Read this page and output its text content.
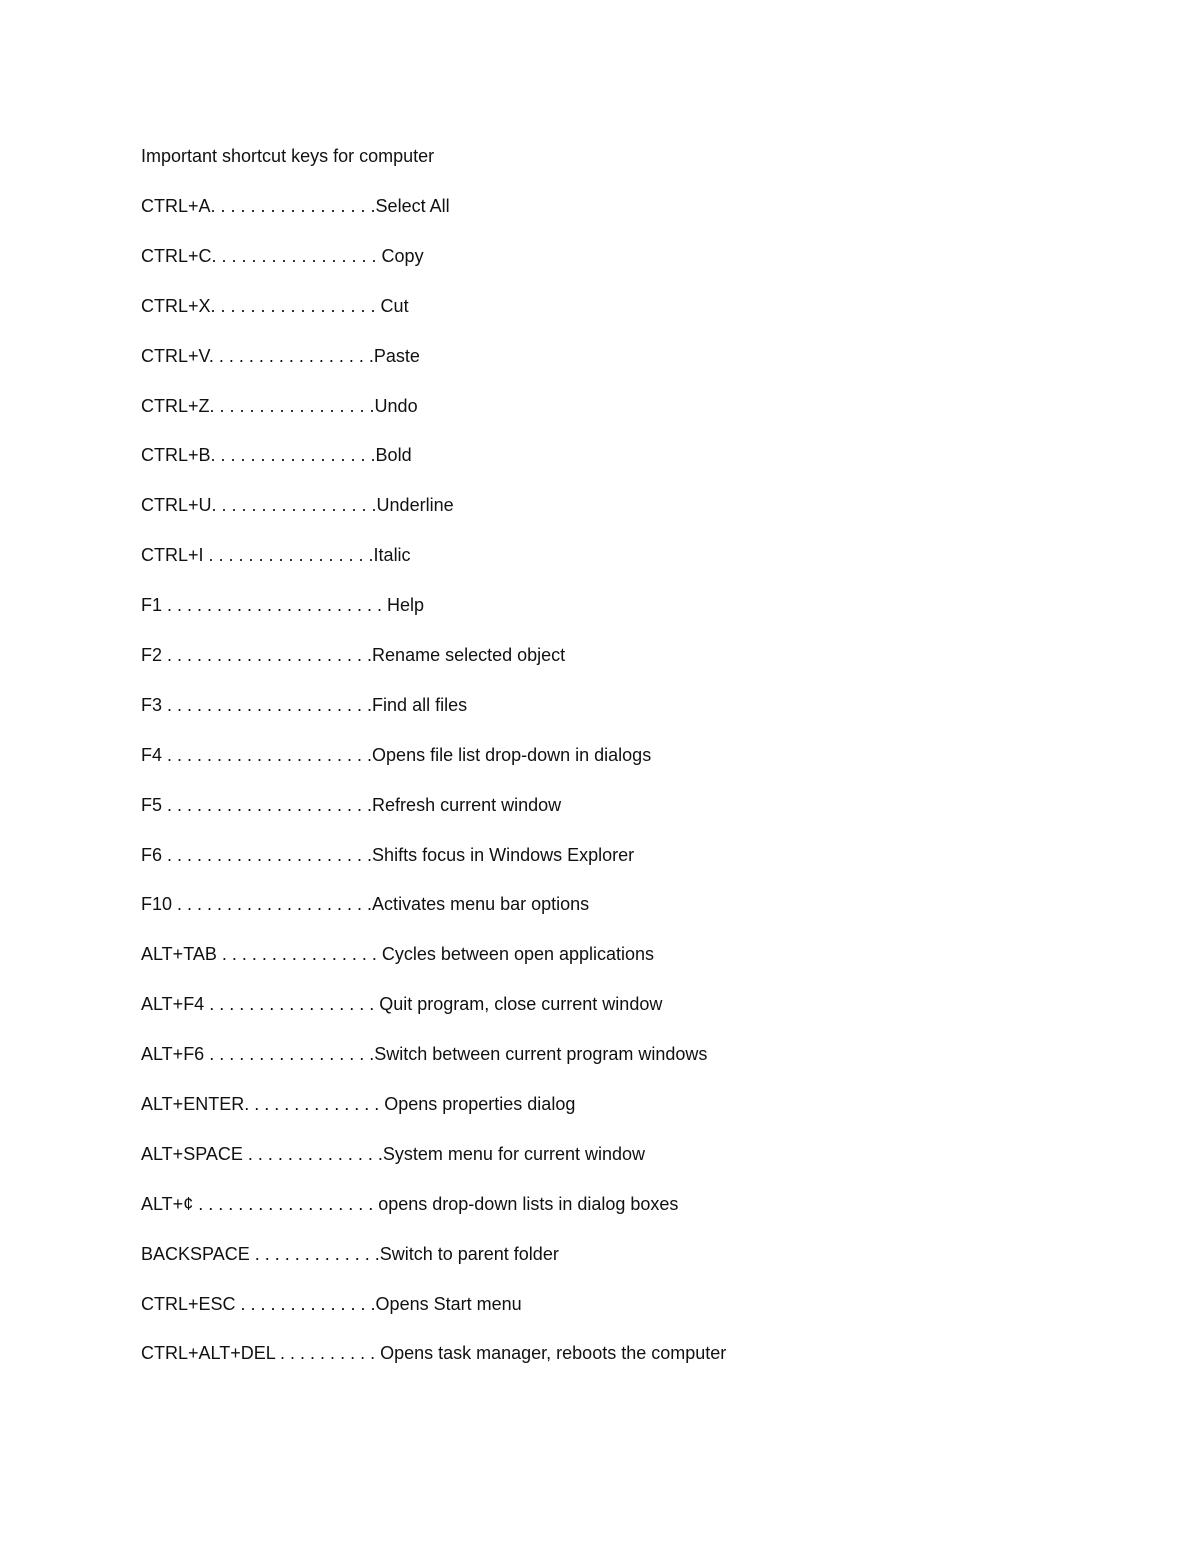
Important shortcut keys for computer
CTRL+A. . . . . . . . . . . . . . . . .Select All
CTRL+C. . . . . . . . . . . . . . . . . Copy
CTRL+X. . . . . . . . . . . . . . . . . Cut
CTRL+V. . . . . . . . . . . . . . . . .Paste
CTRL+Z. . . . . . . . . . . . . . . . .Undo
CTRL+B. . . . . . . . . . . . . . . . .Bold
CTRL+U. . . . . . . . . . . . . . . . .Underline
CTRL+I . . . . . . . . . . . . . . . . .Italic
F1 . . . . . . . . . . . . . . . . . . . . . . Help
F2 . . . . . . . . . . . . . . . . . . . . .Rename selected object
F3 . . . . . . . . . . . . . . . . . . . . .Find all files
F4 . . . . . . . . . . . . . . . . . . . . .Opens file list drop-down in dialogs
F5 . . . . . . . . . . . . . . . . . . . . .Refresh current window
F6 . . . . . . . . . . . . . . . . . . . . .Shifts focus in Windows Explorer
F10 . . . . . . . . . . . . . . . . . . . .Activates menu bar options
ALT+TAB . . . . . . . . . . . . . . . . Cycles between open applications
ALT+F4 . . . . . . . . . . . . . . . . . Quit program, close current window
ALT+F6 . . . . . . . . . . . . . . . . .Switch between current program windows
ALT+ENTER. . . . . . . . . . . . . . Opens properties dialog
ALT+SPACE . . . . . . . . . . . . . .System menu for current window
ALT+¢ . . . . . . . . . . . . . . . . . . opens drop-down lists in dialog boxes
BACKSPACE . . . . . . . . . . . . .Switch to parent folder
CTRL+ESC . . . . . . . . . . . . . .Opens Start menu
CTRL+ALT+DEL . . . . . . . . . . Opens task manager, reboots the computer
